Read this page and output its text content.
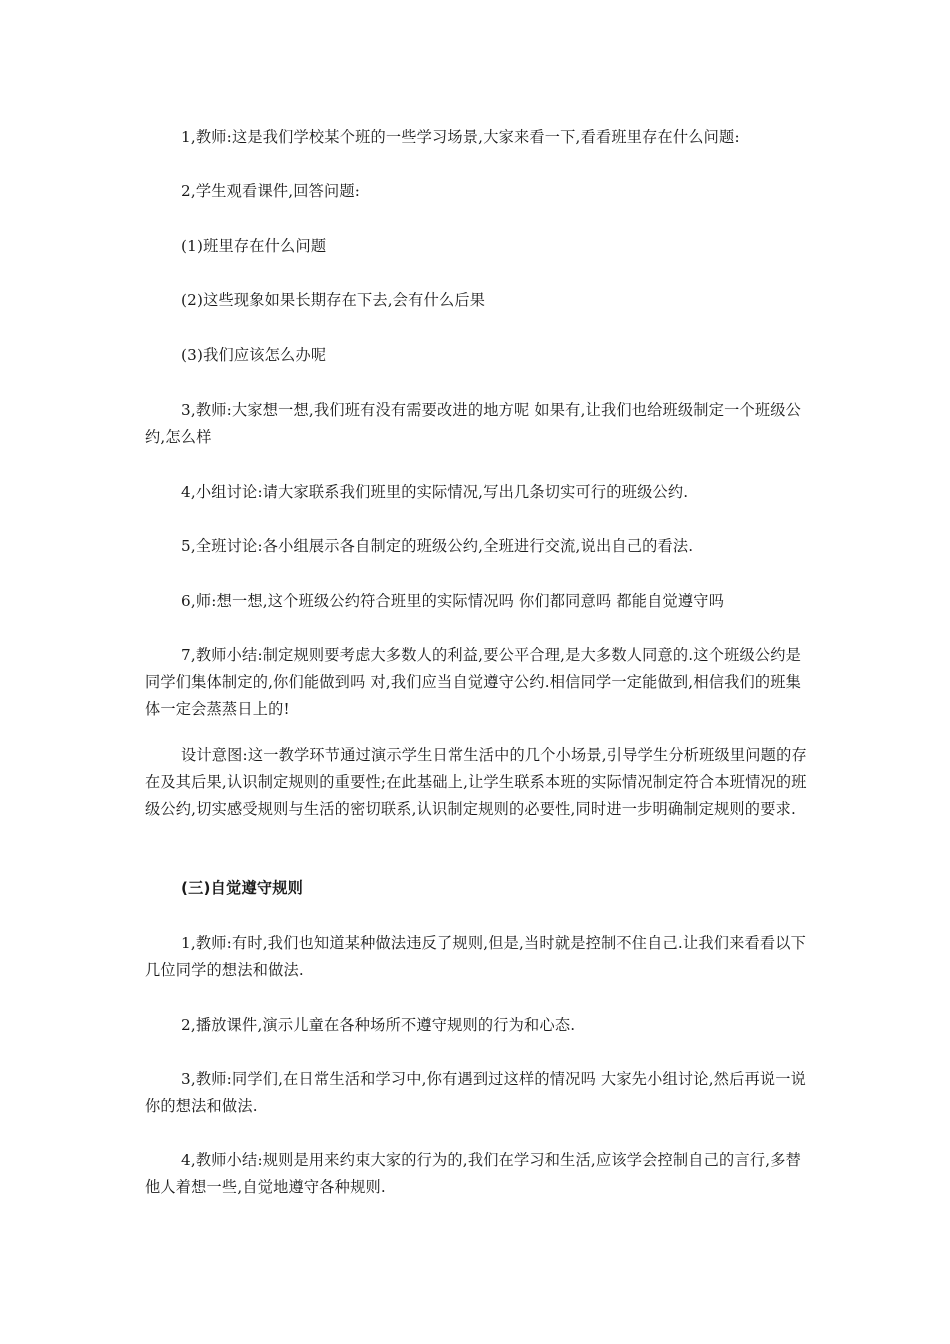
1,教师:这是我们学校某个班的一些学习场景,大家来看一下,看看班里存在什么问题:

2,学生观看课件,回答问题:

(1)班里存在什么问题

(2)这些现象如果长期存在下去,会有什么后果

(3)我们应该怎么办呢

3,教师:大家想一想,我们班有没有需要改进的地方呢 如果有,让我们也给班级制定一个班级公约,怎么样

4,小组讨论:请大家联系我们班里的实际情况,写出几条切实可行的班级公约.

5,全班讨论:各小组展示各自制定的班级公约,全班进行交流,说出自己的看法.

6,师:想一想,这个班级公约符合班里的实际情况吗 你们都同意吗 都能自觉遵守吗

7,教师小结:制定规则要考虑大多数人的利益,要公平合理,是大多数人同意的.这个班级公约是同学们集体制定的,你们能做到吗 对,我们应当自觉遵守公约.相信同学一定能做到,相信我们的班集体一定会蒸蒸日上的!

设计意图:这一教学环节通过演示学生日常生活中的几个小场景,引导学生分析班级里问题的存在及其后果,认识制定规则的重要性;在此基础上,让学生联系本班的实际情况制定符合本班情况的班级公约,切实感受规则与生活的密切联系,认识制定规则的必要性,同时进一步明确制定规则的要求.

(三)自觉遵守规则

1,教师:有时,我们也知道某种做法违反了规则,但是,当时就是控制不住自己.让我们来看看以下几位同学的想法和做法.

2,播放课件,演示儿童在各种场所不遵守规则的行为和心态.

3,教师:同学们,在日常生活和学习中,你有遇到过这样的情况吗 大家先小组讨论,然后再说一说你的想法和做法.

4,教师小结:规则是用来约束大家的行为的,我们在学习和生活,应该学会控制自己的言行,多替他人着想一些,自觉地遵守各种规则.
